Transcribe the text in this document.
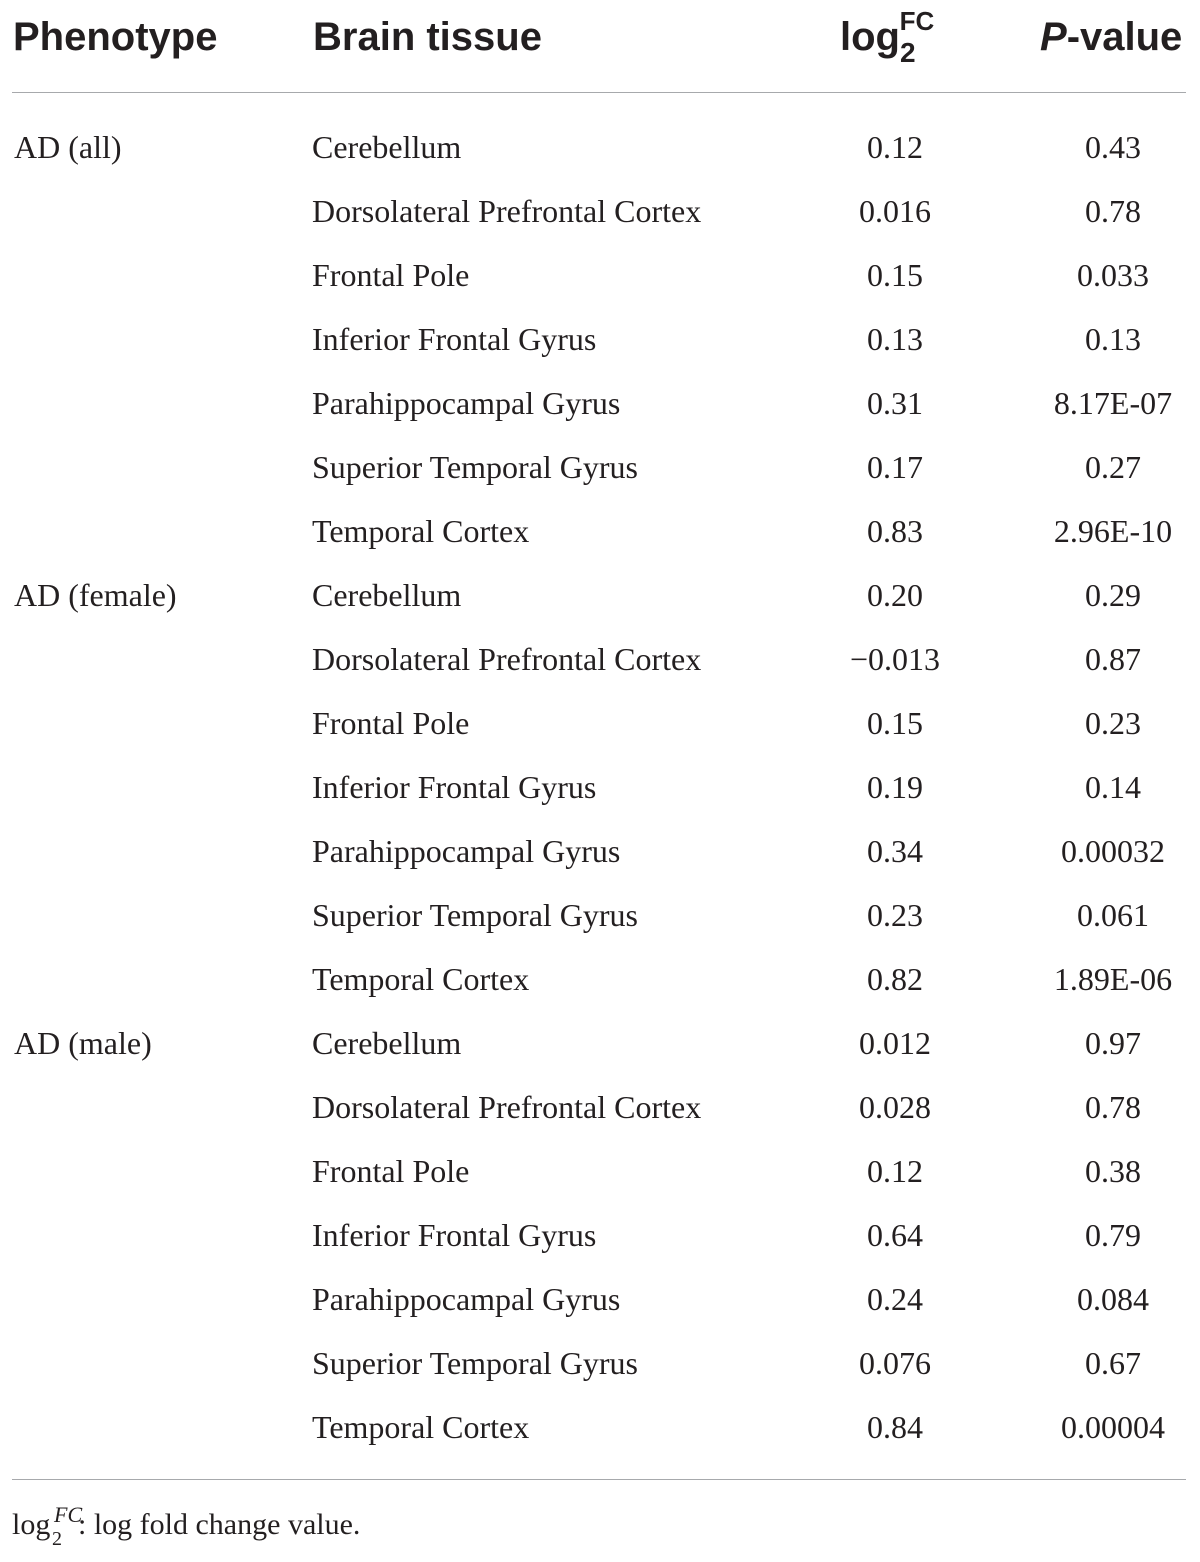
Phenotype Brain tissue	$\log_2^{FC}$	P-value
AD (all)	Cerebellum	0.12	0.43
Dorsolateral Prefrontal Cortex	0.016	0.78
Frontal Pole	0.15	0.033
Inferior Frontal Gyrus	0.13	0.13
Parahippocampal Gyrus	0.31	8.17E-07
Superior Temporal Gyrus	0.17	0.27
Temporal Cortex	0.83	2.96E-10
AD (female)	Cerebellum	0.20	0.29
Dorsolateral Prefrontal Cortex	−0.013	0.87
Frontal Pole	0.15	0.23
Inferior Frontal Gyrus	0.19	0.14
Parahippocampal Gyrus	0.34	0.00032
Superior Temporal Gyrus	0.23	0.061
Temporal Cortex	0.82	1.89E-06
AD (male)	Cerebellum	0.012	0.97
Dorsolateral Prefrontal Cortex	0.028	0.78
Frontal Pole	0.12	0.38
Inferior Frontal Gyrus	0.64	0.79
Parahippocampal Gyrus	0.24	0.084
Superior Temporal Gyrus	0.076	0.67
Temporal Cortex	0.84	0.00004
log 2
FC
: log fold change value.
